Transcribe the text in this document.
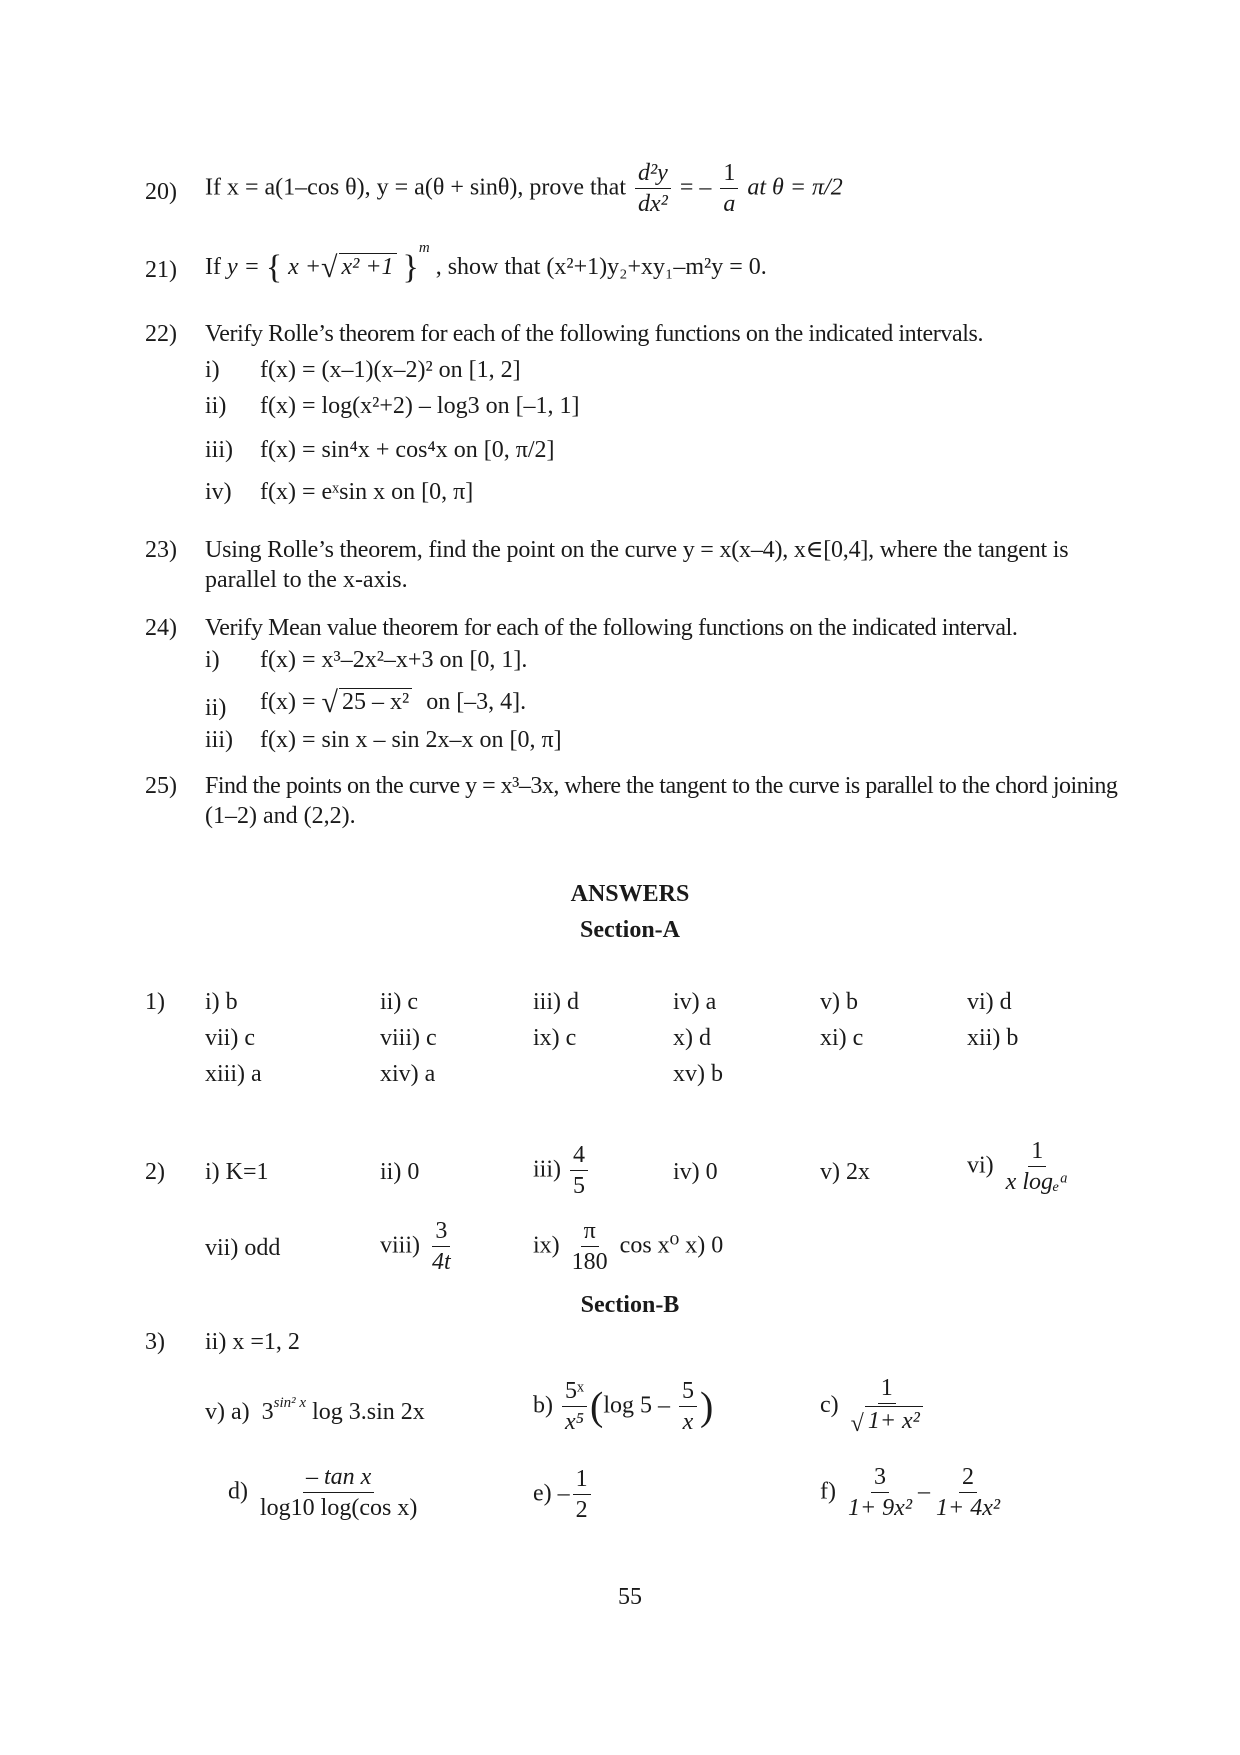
20) If x = a(1–cos θ), y = a(θ + sinθ), prove that $\frac{\text{d²y}}{\text{dx²}}$ = – $\frac{1}{a}$ at θ = π/2
21) If y = { x +√ x² +1 }$^m$ , show that (x²+1)y₂+xy₁–m²y = 0.
22) Verify Rolle’s theorem for each of the following functions on the indicated intervals.
i) f(x) = (x–1)(x–2)² on [1, 2]
ii) f(x) = log(x²+2) – log3 on [–1, 1]
iii) f(x) = sin⁴x + cos⁴x on [0, π/2]
iv) f(x) = eˣsin x on [0, π]
23) Using Rolle’s theorem, find the point on the curve y = x(x–4), x∈[0,4], where the tangent is
parallel to the x-axis.
24) Verify Mean value theorem for each of the following functions on the indicated interval.
i) f(x) = x³–2x²–x+3 on [0, 1].
ii) f(x) = √ 25 – x² on [–3, 4].
iii) f(x) = sin x – sin 2x–x on [0, π]
25) Find the points on the curve y = x³–3x, where the tangent to the curve is parallel to the chord joining
(1–2) and (2,2).
ANSWERS
Section-A
1) i) b	ii) c	iii) d	iv) a	v) b	vi) d
vii) c	viii) c	ix) c	x) d	xi) c	xii) b
xiii) a	xiv) a	xv) b
2) i) K=1	ii) 0	$iii) \frac{4}{5}$	iv) 0	v) 2x	$vi) \frac{1}{\text{x logₑᵃ}}$
vii) odd	viii) $\frac{3}{4t}$	$ix) \frac{\pi}{180}$ cos x⁰ x) 0
Section-B
3) ii) x =1, 2
v) a) $3^{sin^2 x}$ log 3.sin 2x	$b) \frac{\text{5ˣ}}{\text{x⁵}} (\log$ $5 - \frac{5}{x}$ )	$c) \frac{1}{\text{√ 1+ x²}}$
$d) \frac{\text{– tan x}}{\text{log10 log(cos x)}}$	$e) - \frac{1}{2}$	$f) \frac{3}{\text{1+ 9x²}} - \frac{2}{\text{1+ 4x²}}$
55
